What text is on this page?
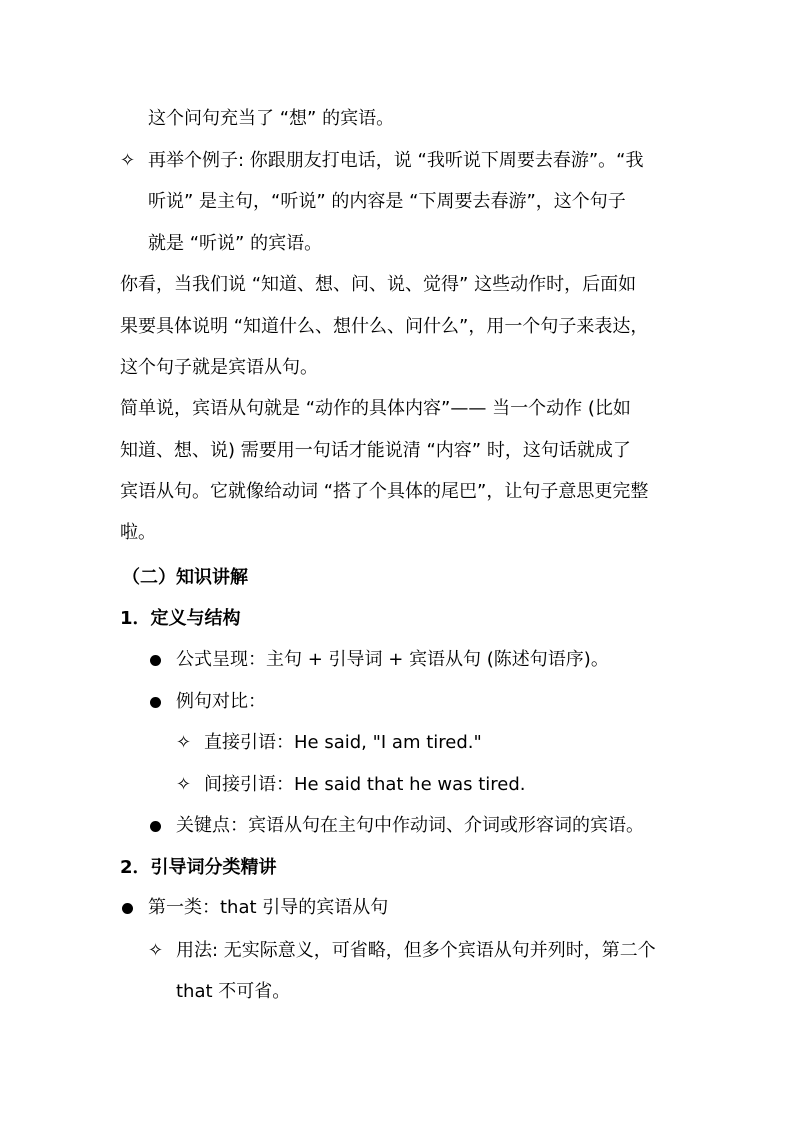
这个问句充当了 “想” 的宾语。
✧ 再举个例子: 你跟朋友打电话，说 “我听说下周要去春游”。“我
听说” 是主句，“听说” 的内容是 “下周要去春游”，这个句子
就是 “听说” 的宾语。
你看，当我们说 “知道、想、问、说、觉得” 这些动作时，后面如
果要具体说明 “知道什么、想什么、问什么”，用一个句子来表达，
这个句子就是宾语从句。
简单说，宾语从句就是 “动作的具体内容”—— 当一个动作 (比如
知道、想、说) 需要用一句话才能说清 “内容” 时，这句话就成了
宾语从句。它就像给动词 “搭了个具体的尾巴”，让句子意思更完整
啦。
（二）知识讲解
1．定义与结构
公式呈现：主句 + 引导词 + 宾语从句 (陈述句语序)。
例句对比：
✧ 直接引语：He said, "I am tired."
✧ 间接引语：He said that he was tired.
关键点：宾语从句在主句中作动词、介词或形容词的宾语。
2．引导词分类精讲
第一类：that 引导的宾语从句
✧ 用法: 无实际意义，可省略，但多个宾语从句并列时，第二个
that 不可省。
